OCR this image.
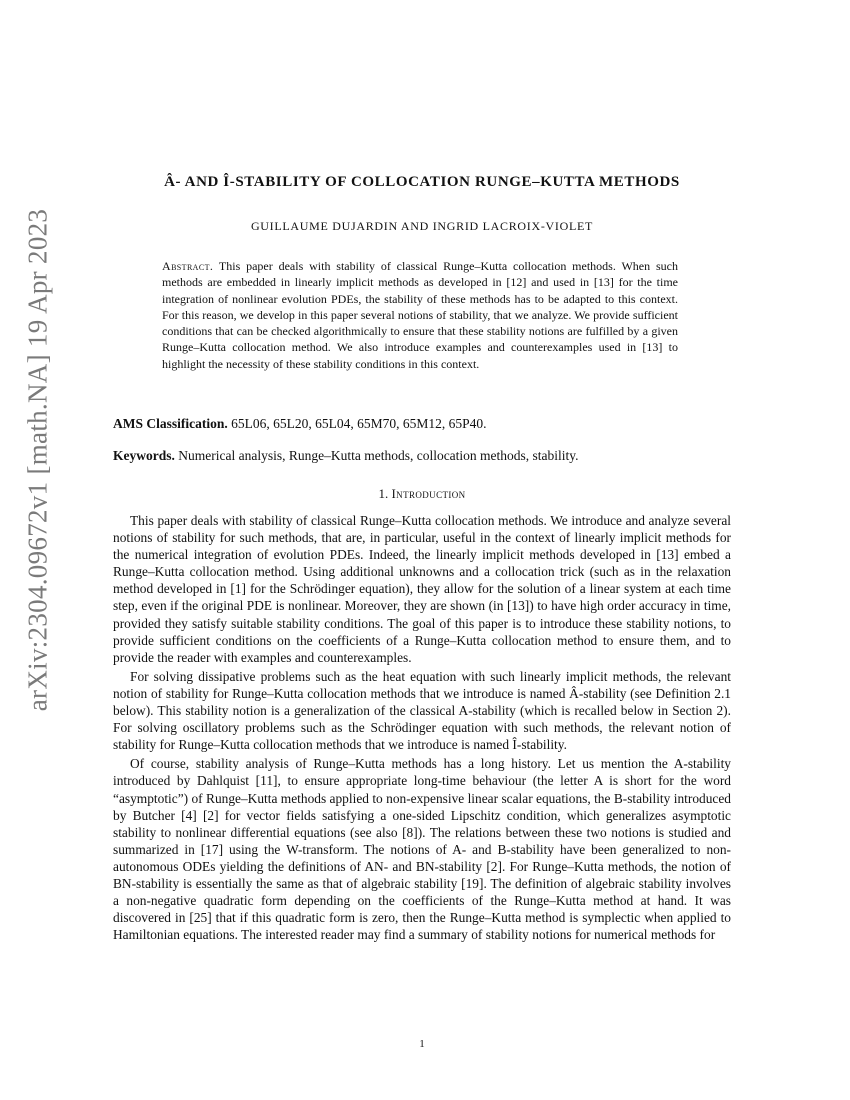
arXiv:2304.09672v1 [math.NA] 19 Apr 2023
Â- AND Î-STABILITY OF COLLOCATION RUNGE–KUTTA METHODS
GUILLAUME DUJARDIN AND INGRID LACROIX-VIOLET
Abstract. This paper deals with stability of classical Runge–Kutta collocation methods. When such methods are embedded in linearly implicit methods as developed in [12] and used in [13] for the time integration of nonlinear evolution PDEs, the stability of these methods has to be adapted to this context. For this reason, we develop in this paper several notions of stability, that we analyze. We provide sufficient conditions that can be checked algorithmically to ensure that these stability notions are fulfilled by a given Runge–Kutta collocation method. We also introduce examples and counterexamples used in [13] to highlight the necessity of these stability conditions in this context.
AMS Classification. 65L06, 65L20, 65L04, 65M70, 65M12, 65P40.
Keywords. Numerical analysis, Runge–Kutta methods, collocation methods, stability.
1. Introduction

This paper deals with stability of classical Runge–Kutta collocation methods. We introduce and analyze several notions of stability for such methods, that are, in particular, useful in the context of linearly implicit methods for the numerical integration of evolution PDEs. Indeed, the linearly implicit methods developed in [13] embed a Runge–Kutta collocation method. Using additional unknowns and a collocation trick (such as in the relaxation method developed in [1] for the Schrödinger equation), they allow for the solution of a linear system at each time step, even if the original PDE is nonlinear. Moreover, they are shown (in [13]) to have high order accuracy in time, provided they satisfy suitable stability conditions. The goal of this paper is to introduce these stability notions, to provide sufficient conditions on the coefficients of a Runge–Kutta collocation method to ensure them, and to provide the reader with examples and counterexamples.

For solving dissipative problems such as the heat equation with such linearly implicit methods, the relevant notion of stability for Runge–Kutta collocation methods that we introduce is named Â-stability (see Definition 2.1 below). This stability notion is a generalization of the classical A-stability (which is recalled below in Section 2). For solving oscillatory problems such as the Schrödinger equation with such methods, the relevant notion of stability for Runge–Kutta collocation methods that we introduce is named Î-stability.

Of course, stability analysis of Runge–Kutta methods has a long history. Let us mention the A-stability introduced by Dahlquist [11], to ensure appropriate long-time behaviour (the letter A is short for the word “asymptotic”) of Runge–Kutta methods applied to non-expensive linear scalar equations, the B-stability introduced by Butcher [4] [2] for vector fields satisfying a one-sided Lipschitz condition, which generalizes asymptotic stability to nonlinear differential equations (see also [8]). The relations between these two notions is studied and summarized in [17] using the W-transform. The notions of A- and B-stability have been generalized to non-autonomous ODEs yielding the definitions of AN- and BN-stability [2]. For Runge–Kutta methods, the notion of BN-stability is essentially the same as that of algebraic stability [19]. The definition of algebraic stability involves a non-negative quadratic form depending on the coefficients of the Runge–Kutta method at hand. It was discovered in [25] that if this quadratic form is zero, then the Runge–Kutta method is symplectic when applied to Hamiltonian equations. The interested reader may find a summary of stability notions for numerical methods for

1
